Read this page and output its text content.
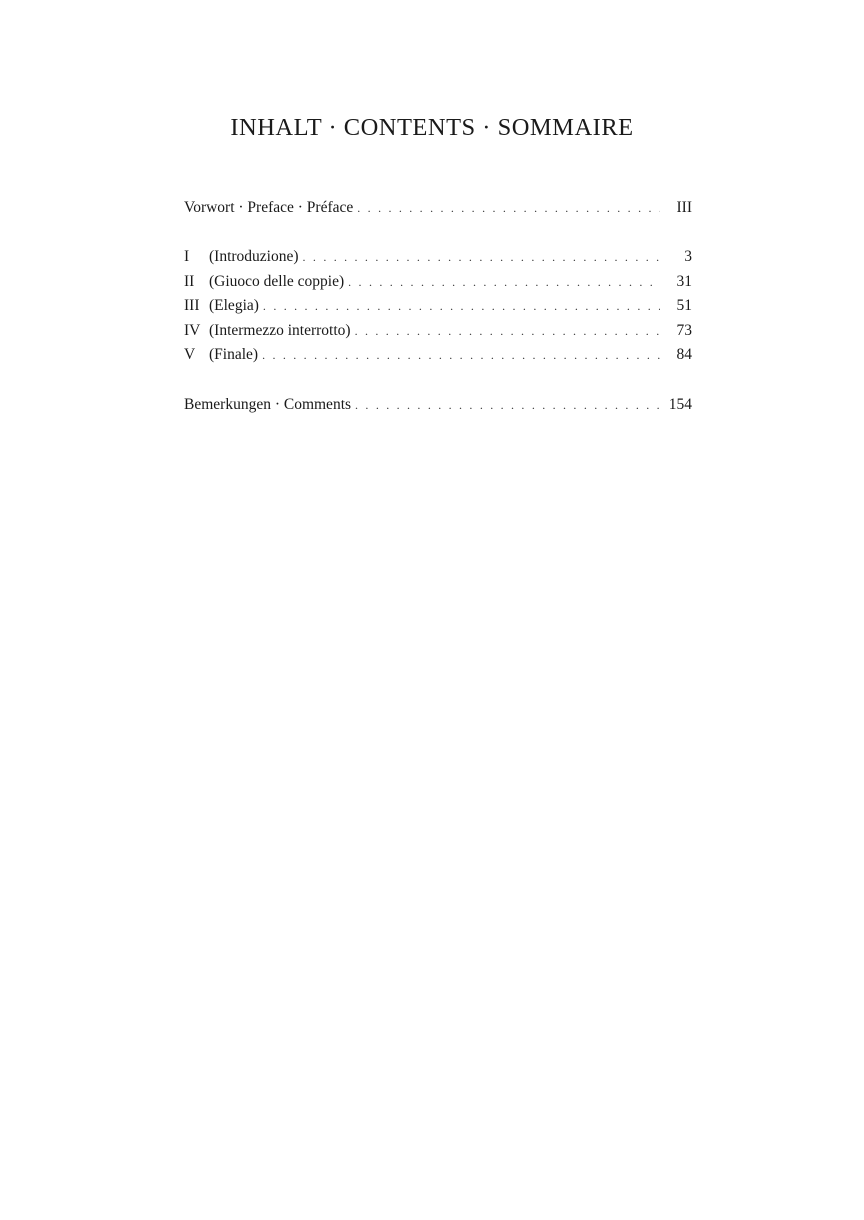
INHALT · CONTENTS · SOMMAIRE
Vorwort · Preface · Préface . . .	III
I	(Introduzione) . . .	3
II (Giuoco delle coppie) . . .	31
III (Elegia) . . .	51
IV (Intermezzo interrotto) . . .	73
V (Finale) . . .	84
Bemerkungen · Comments . . .	154
